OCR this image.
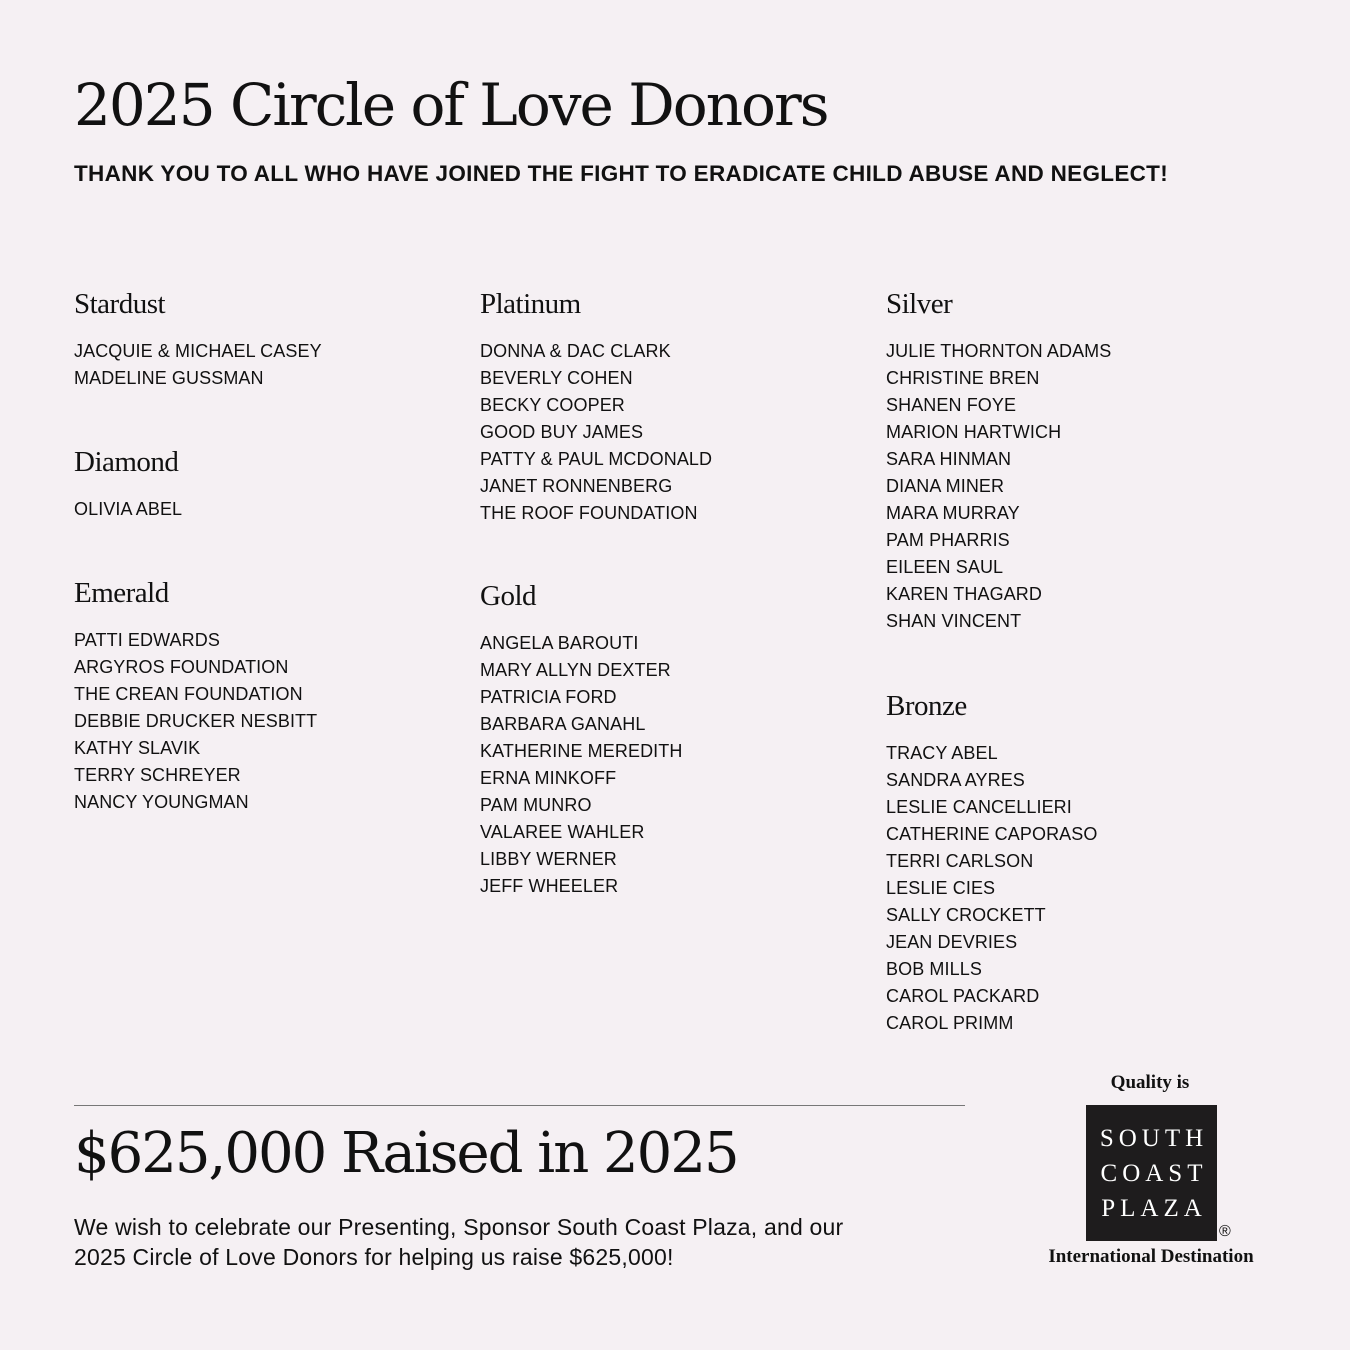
2025 Circle of Love Donors

THANK YOU TO ALL WHO HAVE JOINED THE FIGHT TO ERADICATE CHILD ABUSE AND NEGLECT!

Stardust
JACQUIE & MICHAEL CASEY
MADELINE GUSSMAN
Diamond
OLIVIA ABEL
Emerald
PATTI EDWARDS
ARGYROS FOUNDATION
THE CREAN FOUNDATION
DEBBIE DRUCKER NESBITT
KATHY SLAVIK
TERRY SCHREYER
NANCY YOUNGMAN
Platinum
DONNA & DAC CLARK
BEVERLY COHEN
BECKY COOPER
GOOD BUY JAMES
PATTY & PAUL MCDONALD
JANET RONNENBERG
THE ROOF FOUNDATION
Gold
ANGELA BAROUTI
MARY ALLYN DEXTER
PATRICIA FORD
BARBARA GANAHL
KATHERINE MEREDITH
ERNA MINKOFF
PAM MUNRO
VALAREE WAHLER
LIBBY WERNER
JEFF WHEELER
Silver
JULIE THORNTON ADAMS
CHRISTINE BREN
SHANEN FOYE
MARION HARTWICH
SARA HINMAN
DIANA MINER
MARA MURRAY
PAM PHARRIS
EILEEN SAUL
KAREN THAGARD
SHAN VINCENT
Bronze
TRACY ABEL
SANDRA AYRES
LESLIE CANCELLIERI
CATHERINE CAPORASO
TERRI CARLSON
LESLIE CIES
SALLY CROCKETT
JEAN DEVRIES
BOB MILLS
CAROL PACKARD
CAROL PRIMM
$625,000 Raised in 2025

We wish to celebrate our Presenting, Sponsor South Coast Plaza, and our 2025 Circle of Love Donors for helping us raise $625,000!

Quality is
SOUTH
COAST
PLAZA
®
International Destination
